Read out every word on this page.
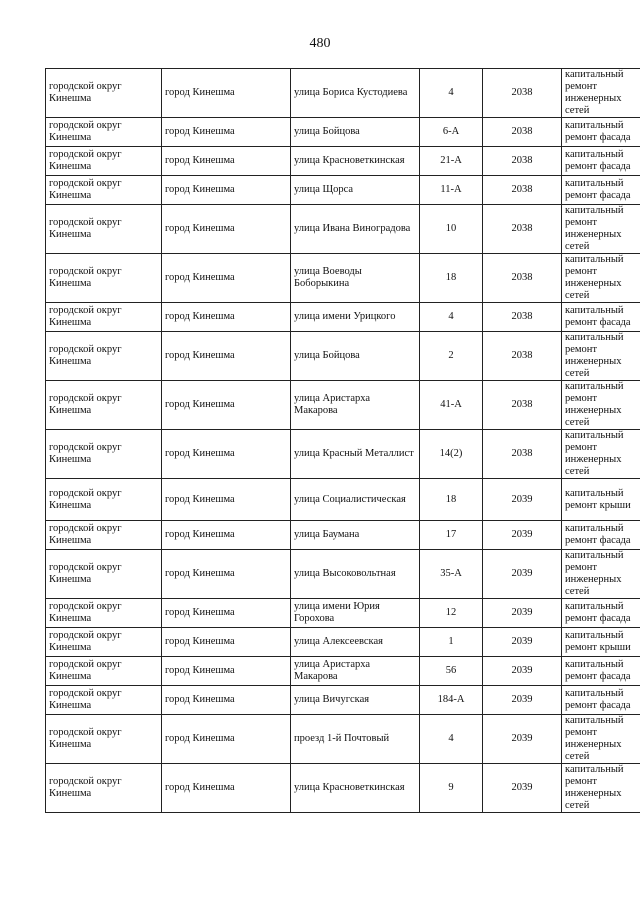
480
городской округ Кинешма	город Кинешма	улица Бориса Кустодиева	4	2038	капитальный ремонт инженерных сетей
городской округ Кинешма	город Кинешма	улица Бойцова	6-А	2038	капитальный ремонт фасада
городской округ Кинешма	город Кинешма	улица Красноветкинская	21-А	2038	капитальный ремонт фасада
городской округ Кинешма	город Кинешма	улица Щорса	11-А	2038	капитальный ремонт фасада
городской округ Кинешма	город Кинешма	улица Ивана Виноградова	10	2038	капитальный ремонт инженерных сетей
городской округ Кинешма	город Кинешма	улица Воеводы Боборыкина	18	2038	капитальный ремонт инженерных сетей
городской округ Кинешма	город Кинешма	улица имени Урицкого	4	2038	капитальный ремонт фасада
городской округ Кинешма	город Кинешма	улица Бойцова	2	2038	капитальный ремонт инженерных сетей
городской округ Кинешма	город Кинешма	улица Аристарха Макарова	41-А	2038	капитальный ремонт инженерных сетей
городской округ Кинешма	город Кинешма	улица Красный Металлист	14(2)	2038	капитальный ремонт инженерных сетей
городской округ Кинешма	город Кинешма	улица Социалистическая	18	2039	капитальный ремонт крыши
городской округ Кинешма	город Кинешма	улица Баумана	17	2039	капитальный ремонт фасада
городской округ Кинешма	город Кинешма	улица Высоковольтная	35-А	2039	капитальный ремонт инженерных сетей
городской округ Кинешма	город Кинешма	улица имени Юрия Горохова	12	2039	капитальный ремонт фасада
городской округ Кинешма	город Кинешма	улица Алексеевская	1	2039	капитальный ремонт крыши
городской округ Кинешма	город Кинешма	улица Аристарха Макарова	56	2039	капитальный ремонт фасада
городской округ Кинешма	город Кинешма	улица Вичугская	184-А	2039	капитальный ремонт фасада
городской округ Кинешма	город Кинешма	проезд 1-й Почтовый	4	2039	капитальный ремонт инженерных сетей
городской округ Кинешма	город Кинешма	улица Красноветкинская	9	2039	капитальный ремонт инженерных сетей
